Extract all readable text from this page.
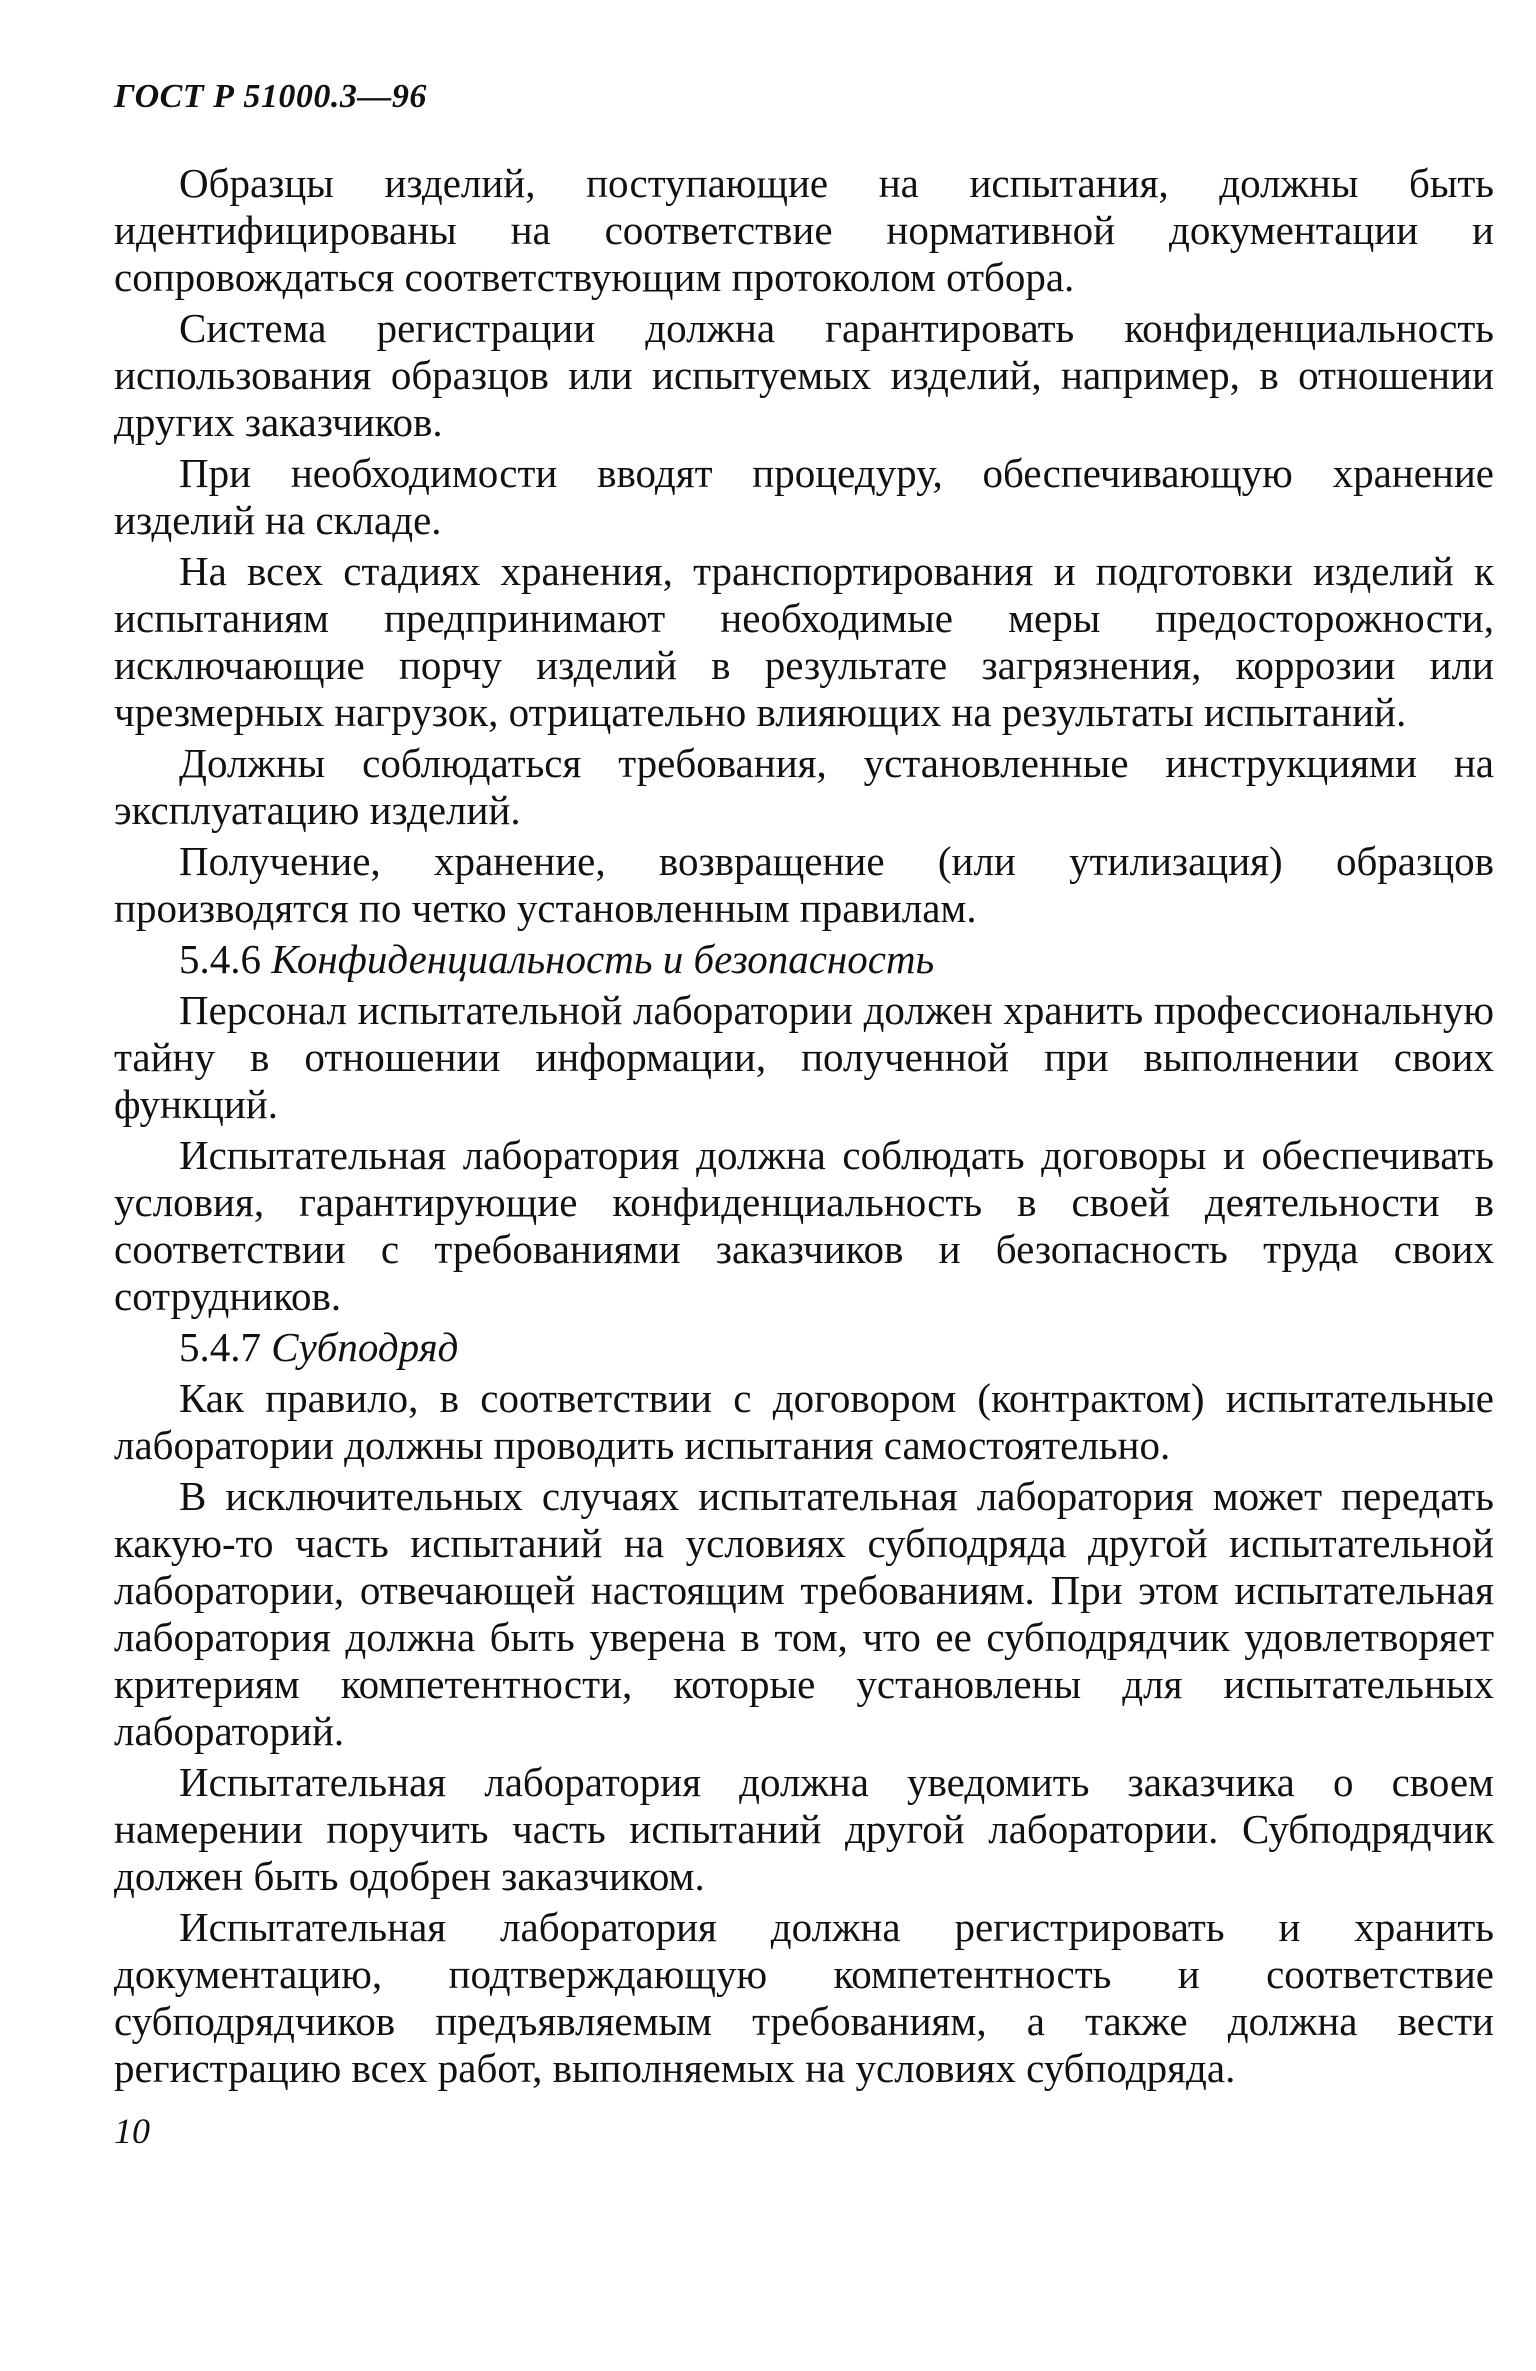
ГОСТ Р 51000.3—96

Образцы изделий, поступающие на испытания, должны быть идентифицированы на соответствие нормативной документации и сопровождаться соответствующим протоколом отбора.

Система регистрации должна гарантировать конфиденциальность использования образцов или испытуемых изделий, например, в отношении других заказчиков.

При необходимости вводят процедуру, обеспечивающую хранение изделий на складе.

На всех стадиях хранения, транспортирования и подготовки изделий к испытаниям предпринимают необходимые меры предосторожности, исключающие порчу изделий в результате загрязнения, коррозии или чрезмерных нагрузок, отрицательно влияющих на результаты испытаний.

Должны соблюдаться требования, установленные инструкциями на эксплуатацию изделий.

Получение, хранение, возвращение (или утилизация) образцов производятся по четко установленным правилам.

5.4.6 Конфиденциальность и безопасность

Персонал испытательной лаборатории должен хранить профессиональную тайну в отношении информации, полученной при выполнении своих функций.

Испытательная лаборатория должна соблюдать договоры и обеспечивать условия, гарантирующие конфиденциальность в своей деятельности в соответствии с требованиями заказчиков и безопасность труда своих сотрудников.

5.4.7 Субподряд

Как правило, в соответствии с договором (контрактом) испытательные лаборатории должны проводить испытания самостоятельно.

В исключительных случаях испытательная лаборатория может передать какую-то часть испытаний на условиях субподряда другой испытательной лаборатории, отвечающей настоящим требованиям. При этом испытательная лаборатория должна быть уверена в том, что ее субподрядчик удовлетворяет критериям компетентности, которые установлены для испытательных лабораторий.

Испытательная лаборатория должна уведомить заказчика о своем намерении поручить часть испытаний другой лаборатории. Субподрядчик должен быть одобрен заказчиком.

Испытательная лаборатория должна регистрировать и хранить документацию, подтверждающую компетентность и соответствие субподрядчиков предъявляемым требованиям, а также должна вести регистрацию всех работ, выполняемых на условиях субподряда.

10
